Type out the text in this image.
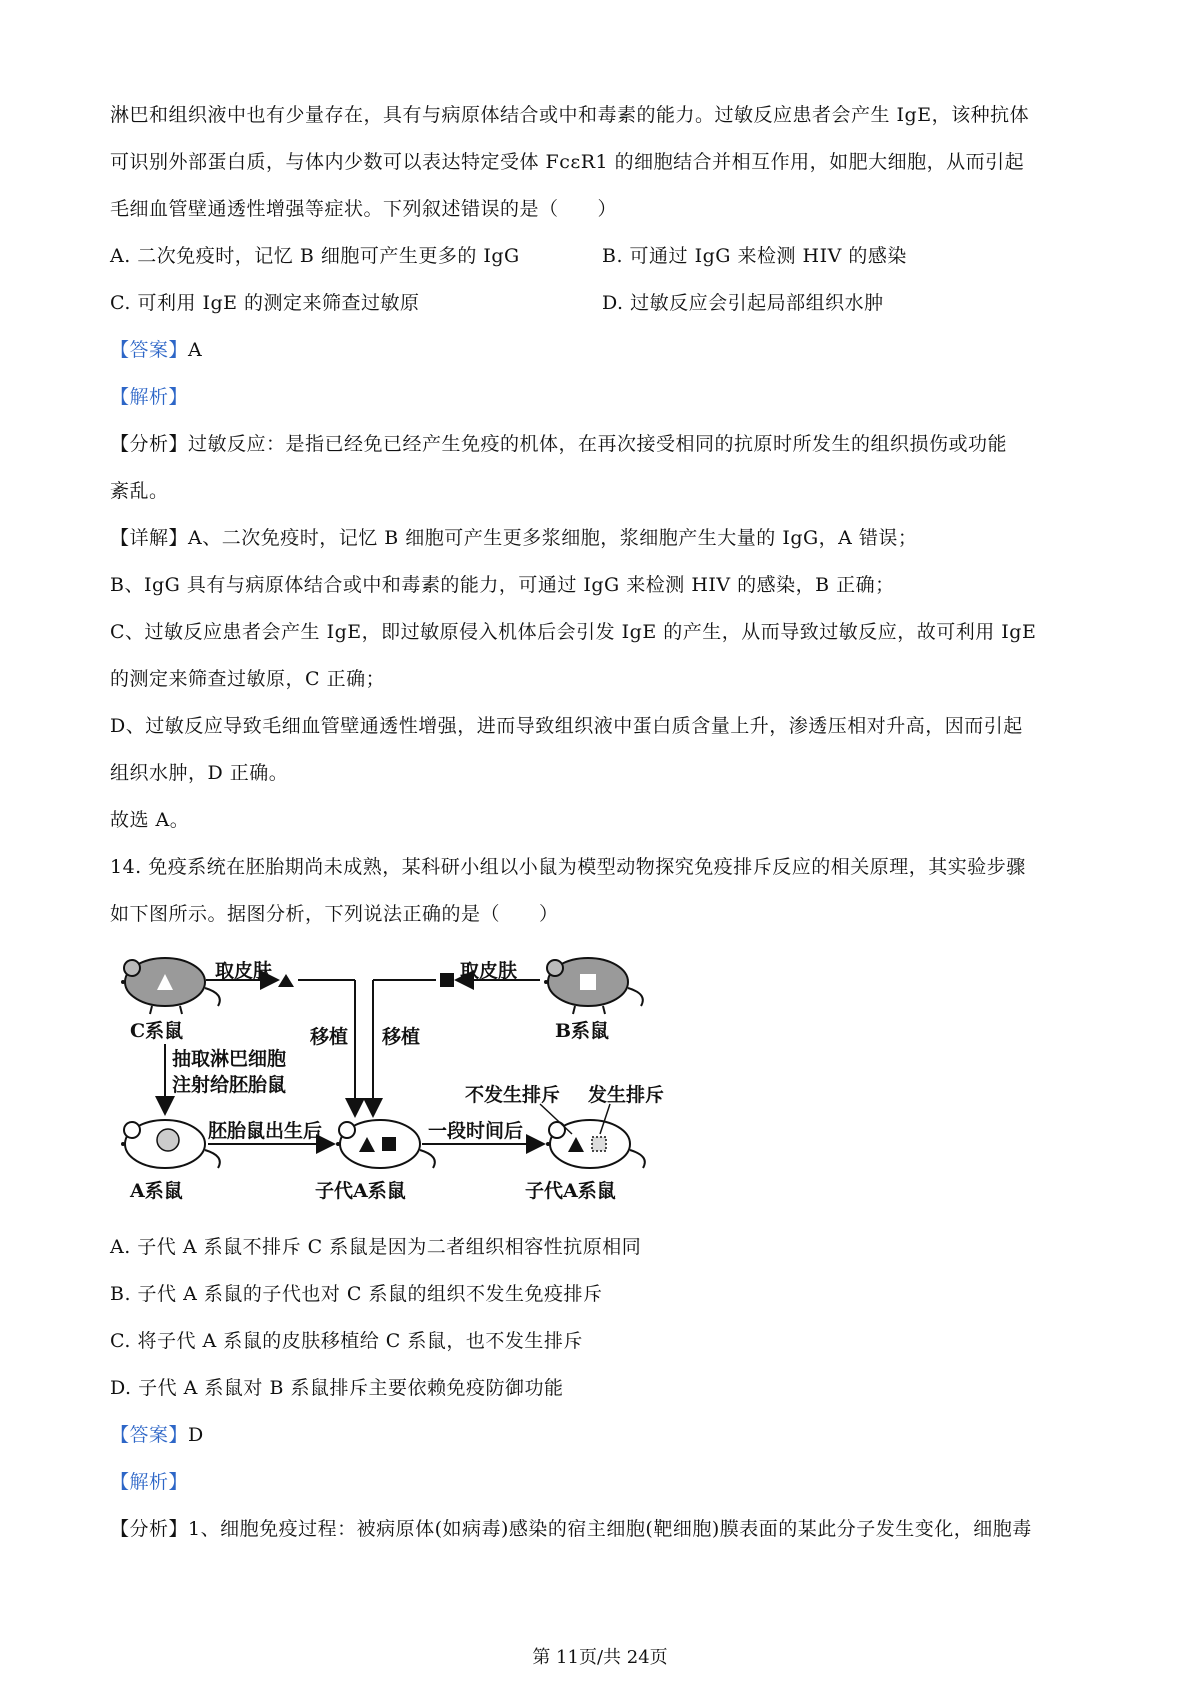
淋巴和组织液中也有少量存在，具有与病原体结合或中和毒素的能力。过敏反应患者会产生 IgE，该种抗体
可识别外部蛋白质，与体内少数可以表达特定受体 FcεR1 的细胞结合并相互作用，如肥大细胞，从而引起
毛细血管壁通透性增强等症状。下列叙述错误的是（　　）
A. 二次免疫时，记忆 B 细胞可产生更多的 IgG	B. 可通过 IgG 来检测 HIV 的感染
C. 可利用 IgE 的测定来筛查过敏原	D. 过敏反应会引起局部组织水肿
【答案】A
【解析】
【分析】过敏反应：是指已经免已经产生免疫的机体，在再次接受相同的抗原时所发生的组织损伤或功能
紊乱。
【详解】A、二次免疫时，记忆 B 细胞可产生更多浆细胞，浆细胞产生大量的 IgG，A 错误；
B、IgG 具有与病原体结合或中和毒素的能力，可通过 IgG 来检测 HIV 的感染，B 正确；
C、过敏反应患者会产生 IgE，即过敏原侵入机体后会引发 IgE 的产生，从而导致过敏反应，故可利用 IgE
的测定来筛查过敏原，C 正确；
D、过敏反应导致毛细血管壁通透性增强，进而导致组织液中蛋白质含量上升，渗透压相对升高，因而引起
组织水肿，D 正确。
故选 A。
14. 免疫系统在胚胎期尚未成熟，某科研小组以小鼠为模型动物探究免疫排斥反应的相关原理，其实验步骤
如下图所示。据图分析，下列说法正确的是（　　）
取皮肤	取皮肤
C系鼠	B系鼠
移植 移植
抽取淋巴细胞
注射给胚胎鼠
胚胎鼠出生后	一段时间后
不发生排斥 发生排斥
A系鼠	子代A系鼠	子代A系鼠
A. 子代 A 系鼠不排斥 C 系鼠是因为二者组织相容性抗原相同
B. 子代 A 系鼠的子代也对 C 系鼠的组织不发生免疫排斥
C. 将子代 A 系鼠的皮肤移植给 C 系鼠，也不发生排斥
D. 子代 A 系鼠对 B 系鼠排斥主要依赖免疫防御功能
【答案】D
【解析】
【分析】1、细胞免疫过程：被病原体(如病毒)感染的宿主细胞(靶细胞)膜表面的某此分子发生变化，细胞毒
第 11页/共 24页
